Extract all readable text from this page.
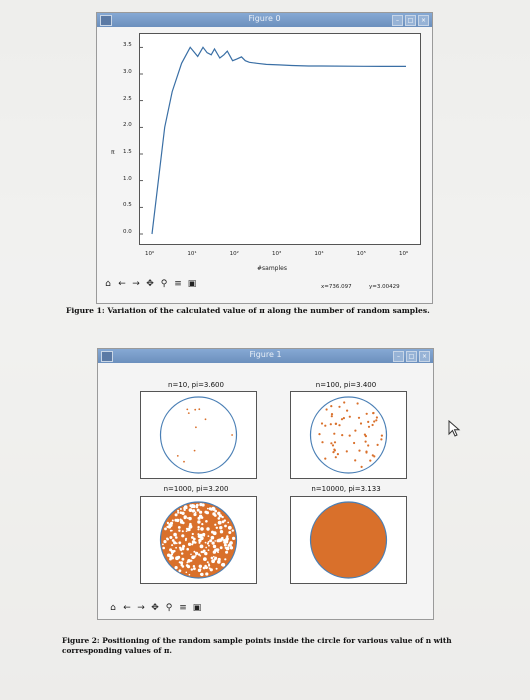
Figure 0	–	□	×
0.0
0.5
1.0
1.5
2.0
2.5
3.0
3.5
10⁰	10¹	10²	10³	10⁴	10⁵	10⁶
π
#samples
⌂ ← → ✥ ⚲ ≡ ▣	x=736.097	y=3.00429
Figure 1: Variation of the calculated value of π along the number of random samples.
Figure 1	–	□	×
n=10, pi=3.600	n=100, pi=3.400
n=1000, pi=3.200	n=10000, pi=3.133
⌂ ← → ✥ ⚲ ≡ ▣
Figure 2: Positioning of the random sample points inside the circle for various value of n with corresponding values of π.
